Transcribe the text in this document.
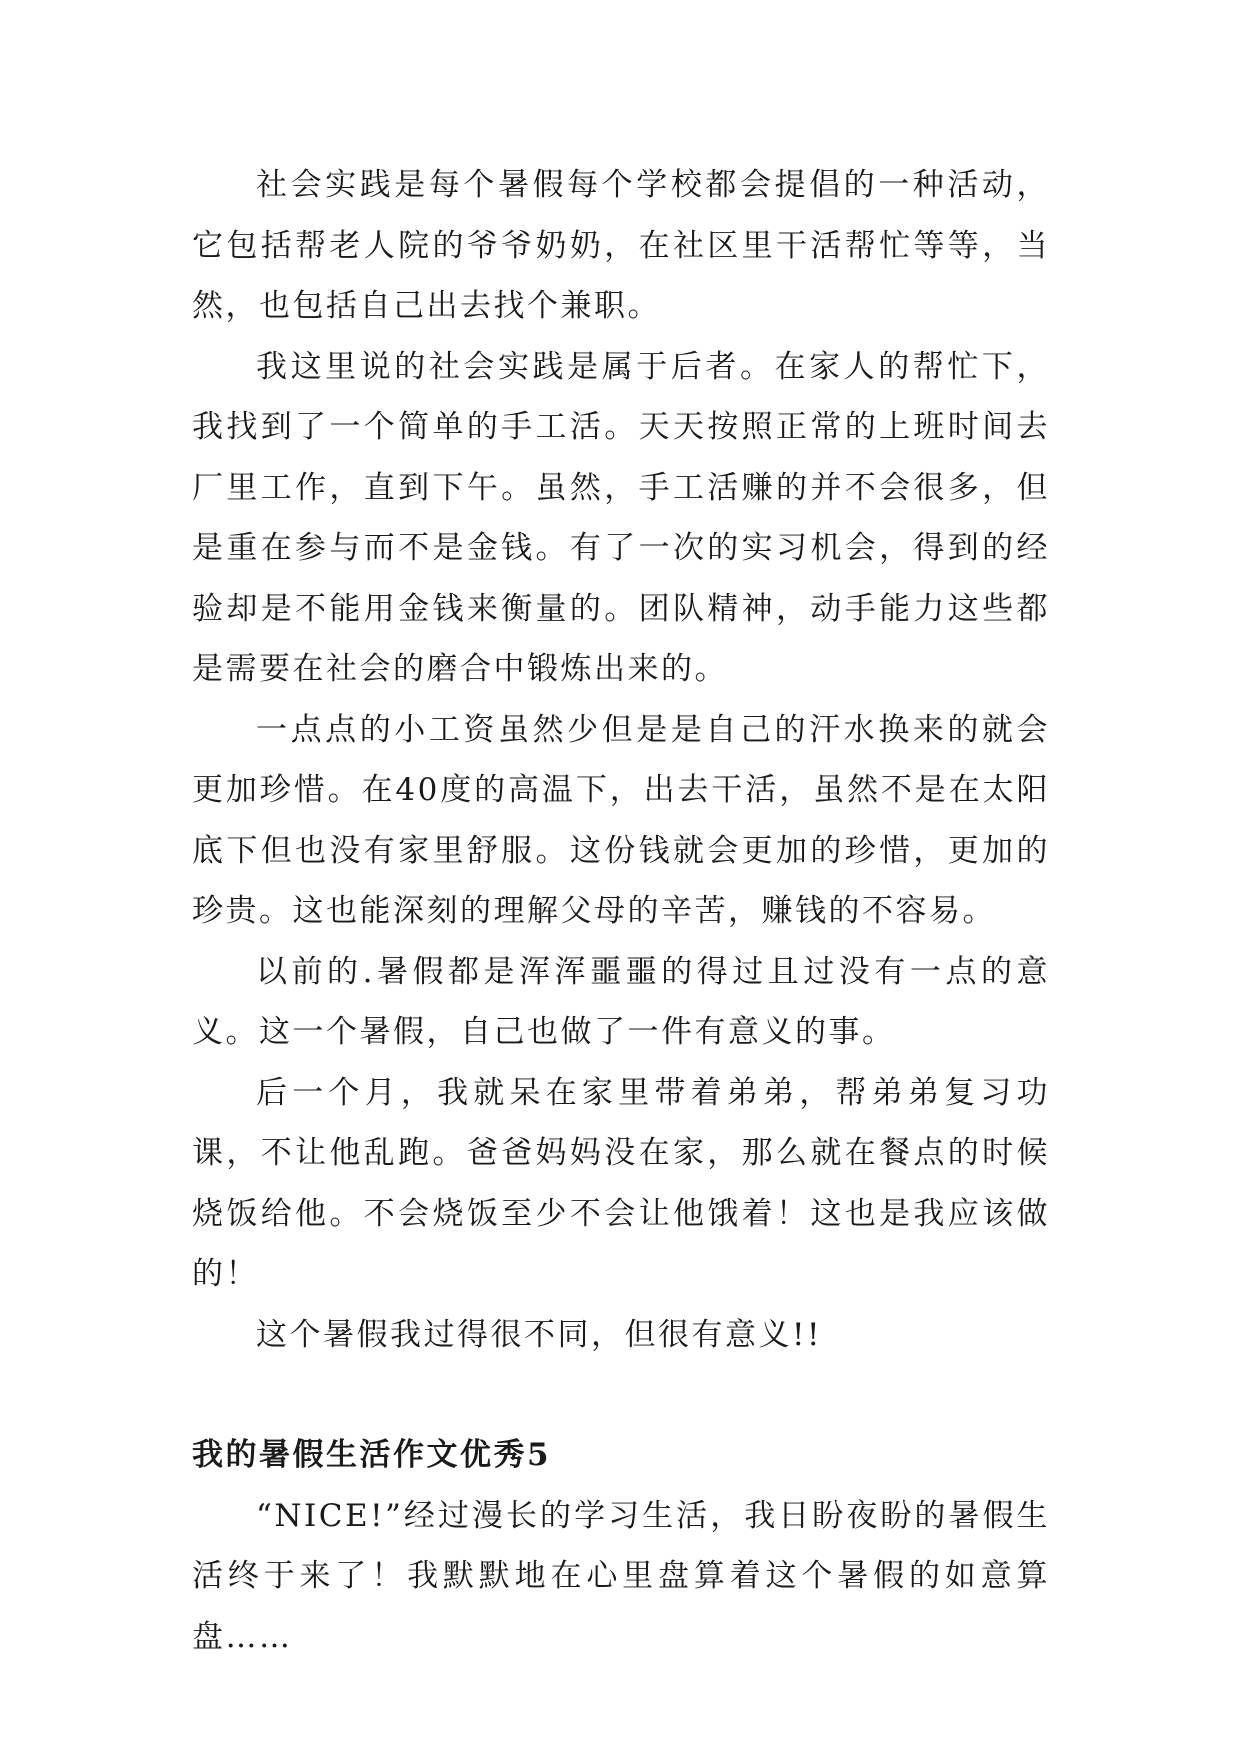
社会实践是每个暑假每个学校都会提倡的一种活动，它包括帮老人院的爷爷奶奶，在社区里干活帮忙等等，当然，也包括自己出去找个兼职。

我这里说的社会实践是属于后者。在家人的帮忙下，我找到了一个简单的手工活。天天按照正常的上班时间去厂里工作，直到下午。虽然，手工活赚的并不会很多，但是重在参与而不是金钱。有了一次的实习机会，得到的经验却是不能用金钱来衡量的。团队精神，动手能力这些都是需要在社会的磨合中锻炼出来的。

一点点的小工资虽然少但是是自己的汗水换来的就会更加珍惜。在40度的高温下，出去干活，虽然不是在太阳底下但也没有家里舒服。这份钱就会更加的珍惜，更加的珍贵。这也能深刻的理解父母的辛苦，赚钱的不容易。

以前的.暑假都是浑浑噩噩的得过且过没有一点的意义。这一个暑假，自己也做了一件有意义的事。

后一个月，我就呆在家里带着弟弟，帮弟弟复习功课，不让他乱跑。爸爸妈妈没在家，那么就在餐点的时候烧饭给他。不会烧饭至少不会让他饿着！这也是我应该做的！

这个暑假我过得很不同，但很有意义!!

我的暑假生活作文优秀5

“NICE!”经过漫长的学习生活，我日盼夜盼的暑假生活终于来了！我默默地在心里盘算着这个暑假的如意算盘……
